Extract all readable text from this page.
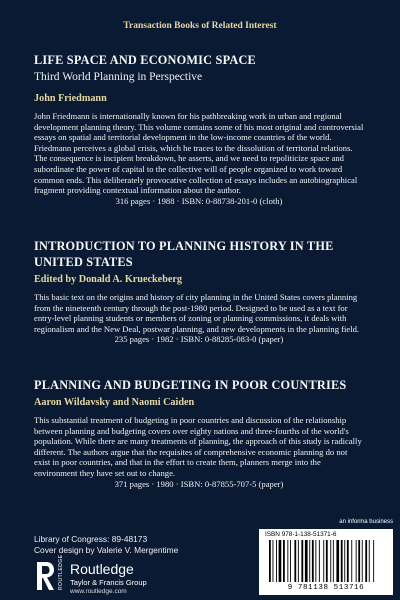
Transaction Books of Related Interest
LIFE SPACE AND ECONOMIC SPACE
Third World Planning in Perspective
John Friedmann

John Friedmann is internationally known for his pathbreaking work in urban and regional development planning theory. This volume contains some of his most original and controversial essays on spatial and territorial development in the low-income countries of the world. Friedmann perceives a global crisis, which he traces to the dissolution of territorial relations. The consequence is incipient breakdown, he asserts, and we need to repoliticize space and subordinate the power of capital to the collective will of people organized to work toward common ends. This deliberately provocative collection of essays includes an autobiographical fragment providing contextual information about the author.

316 pages · 1988 · ISBN: 0-88738-201-0 (cloth)

INTRODUCTION TO PLANNING HISTORY IN THE UNITED STATES
Edited by Donald A. Krueckeberg

This basic text on the origins and history of city planning in the United States covers planning from the nineteenth century through the post-1980 period. Designed to be used as a text for entry-level planning students or members of zoning or planning commissions, it deals with regionalism and the New Deal, postwar planning, and new developments in the planning field.

235 pages · 1982 · ISBN: 0-88285-083-0 (paper)

PLANNING AND BUDGETING IN POOR COUNTRIES
Aaron Wildavsky and Naomi Caiden

This substantial treatment of budgeting in poor countries and discussion of the relationship between planning and budgeting covers over eighty nations and three-fourths of the world's population. While there are many treatments of planning, the approach of this study is radically different. The authors argue that the requisites of comprehensive economic planning do not exist in poor countries, and that in the effort to create them, planners merge into the environment they have set out to change.

371 pages · 1980 · ISBN: 0-87855-707-5 (paper)

Library of Congress: 89-48173
Cover design by Valerie V. Mergentime
ROUTLEDGE Routledge
Taylor & Francis Group
www.routledge.com
an informa business
ISBN 978-1-138-51371-6
9 781138 513716
